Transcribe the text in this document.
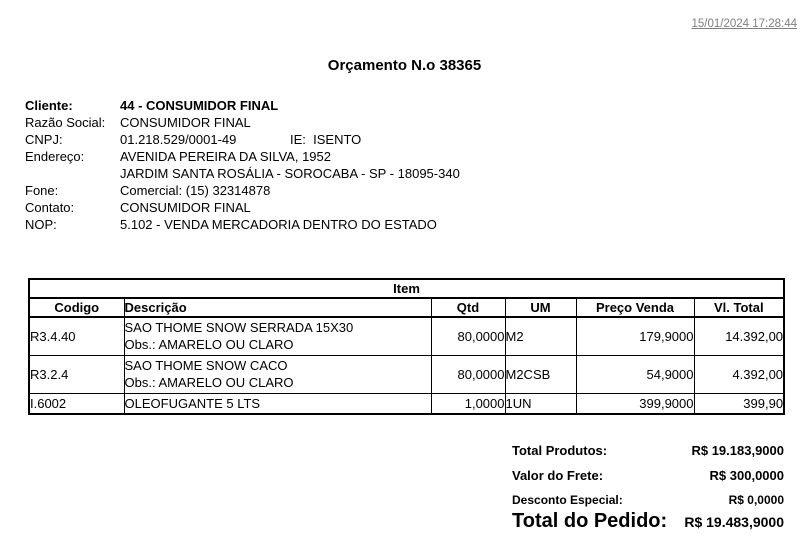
15/01/2024 17:28:44
Orçamento N.o 38365
Cliente:	44 - CONSUMIDOR FINAL
Razão Social:	CONSUMIDOR FINAL
CNPJ:	01.218.529/0001-49	IE:  ISENTO
Endereço:	AVENIDA PEREIRA DA SILVA, 1952
JARDIM SANTA ROSÁLIA - SOROCABA - SP - 18095-340
Fone:	Comercial: (15) 32314878
Contato:	CONSUMIDOR FINAL
NOP:	5.102 - VENDA MERCADORIA DENTRO DO ESTADO
Item					
Codigo	Descrição	Qtd	UM	Preço Venda	Vl. Total
R3.4.40	SAO THOME SNOW SERRADA 15X30
Obs.: AMARELO OU CLARO	80,0000	M2	179,9000	14.392,00
R3.2.4	SAO THOME SNOW CACO
Obs.: AMARELO OU CLARO	80,0000	M2CSB	54,9000	4.392,00
I.6002	OLEOFUGANTE 5 LTS	1,0000	1UN	399,9000	399,90
Total Produtos:	R$ 19.183,9000
Valor do Frete:	R$ 300,0000
Desconto Especial:	R$ 0,0000
Total do Pedido: R$ 19.483,9000
